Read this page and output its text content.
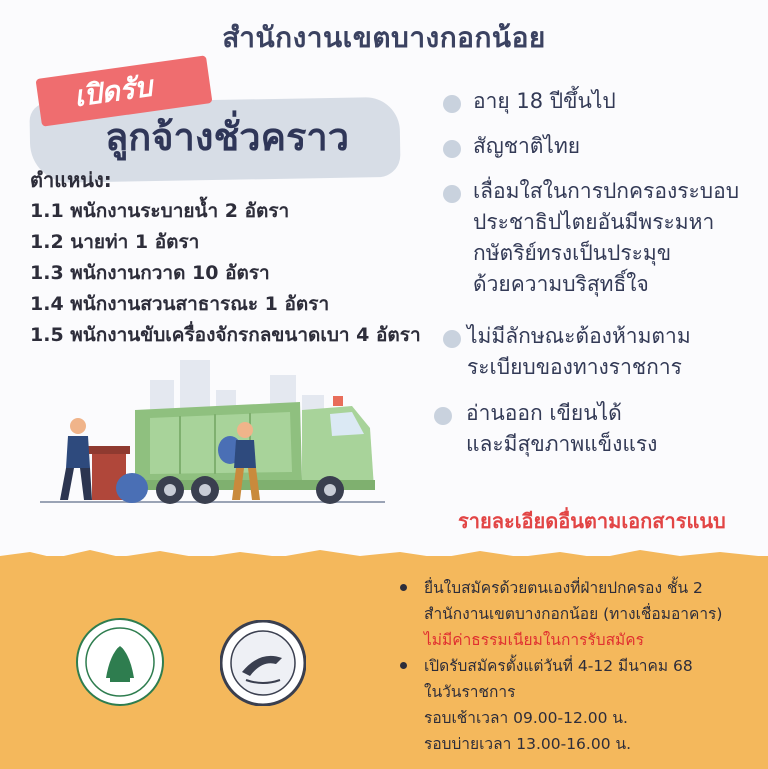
สำนักงานเขตบางกอกน้อย
เปิดรับ
ลูกจ้างชั่วคราว
ตำแหน่ง:
1.1 พนักงานระบายน้ำ 2 อัตรา
1.2 นายท่า 1 อัตรา
1.3 พนักงานกวาด 10 อัตรา
1.4 พนักงานสวนสาธารณะ 1 อัตรา
1.5 พนักงานขับเครื่องจักรกลขนาดเบา 4 อัตรา
อายุ 18 ปีขึ้นไป
สัญชาติไทย
เลื่อมใสในการปกครองระบอบ
ประชาธิปไตยอันมีพระมหา
กษัตริย์ทรงเป็นประมุข
ด้วยความบริสุทธิ์ใจ
ไม่มีลักษณะต้องห้ามตาม
ระเบียบของทางราชการ
อ่านออก เขียนได้
และมีสุขภาพแข็งแรง
รายละเอียดอื่นตามเอกสารแนบ
ยื่นใบสมัครด้วยตนเองที่ฝ่ายปกครอง ชั้น 2
สำนักงานเขตบางกอกน้อย (ทางเชื่อมอาคาร)
ไม่มีค่าธรรมเนียมในการรับสมัคร
เปิดรับสมัครตั้งแต่วันที่ 4-12 มีนาคม 68
ในวันราชการ
รอบเช้าเวลา 09.00-12.00 น.
รอบบ่ายเวลา 13.00-16.00 น.
